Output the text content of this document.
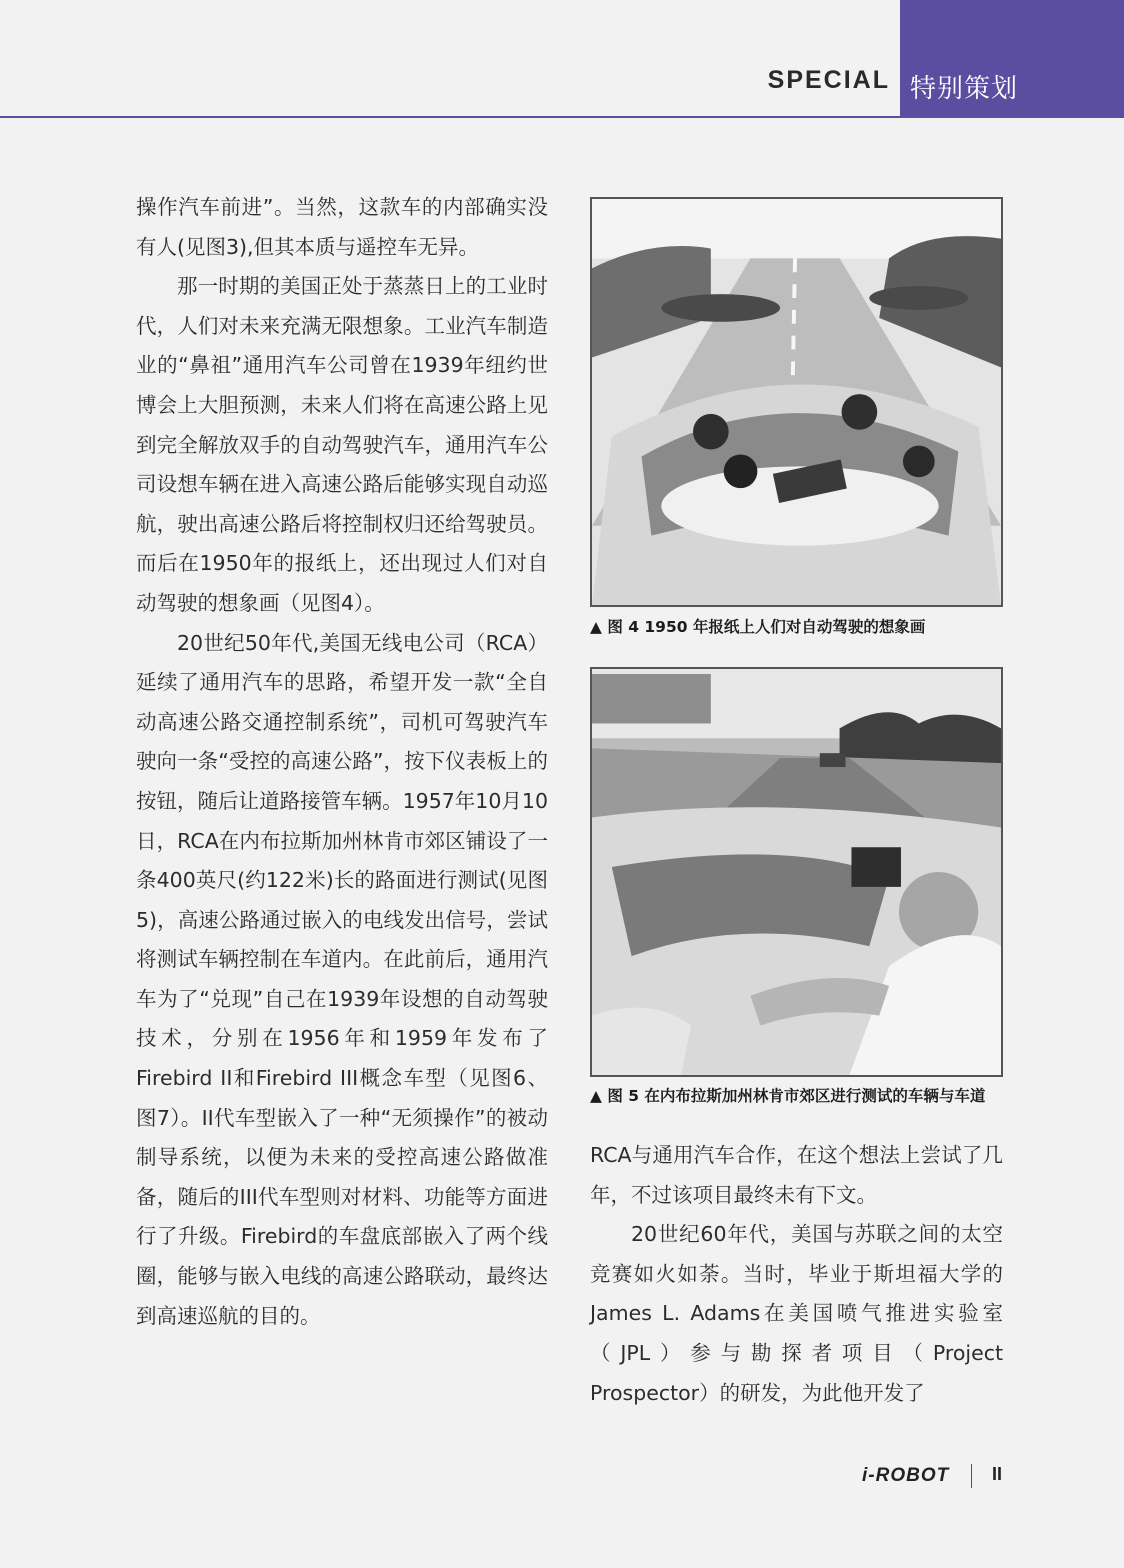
SPECIAL 特别策划

操作汽车前进”。当然，这款车的内部确实没有人(见图3),但其本质与遥控车无异。

那一时期的美国正处于蒸蒸日上的工业时代，人们对未来充满无限想象。工业汽车制造业的“鼻祖”通用汽车公司曾在1939年纽约世博会上大胆预测，未来人们将在高速公路上见到完全解放双手的自动驾驶汽车，通用汽车公司设想车辆在进入高速公路后能够实现自动巡航，驶出高速公路后将控制权归还给驾驶员。而后在1950年的报纸上，还出现过人们对自动驾驶的想象画（见图4）。

20世纪50年代,美国无线电公司（RCA）延续了通用汽车的思路，希望开发一款“全自动高速公路交通控制系统”，司机可驾驶汽车驶向一条“受控的高速公路”，按下仪表板上的按钮，随后让道路接管车辆。1957年10月10日，RCA在内布拉斯加州林肯市郊区铺设了一条400英尺(约122米)长的路面进行测试(见图5)，高速公路通过嵌入的电线发出信号，尝试将测试车辆控制在车道内。在此前后，通用汽车为了“兑现”自己在1939年设想的自动驾驶技术，分别在1956年和1959年发布了Firebird II和Firebird III概念车型（见图6、图7）。II代车型嵌入了一种“无须操作”的被动制导系统，以便为未来的受控高速公路做准备，随后的III代车型则对材料、功能等方面进行了升级。Firebird的车盘底部嵌入了两个线圈，能够与嵌入电线的高速公路联动，最终达到高速巡航的目的。

▲ 图 4 1950 年报纸上人们对自动驾驶的想象画
▲ 图 5 在内布拉斯加州林肯市郊区进行测试的车辆与车道

RCA与通用汽车合作，在这个想法上尝试了几年，不过该项目最终未有下文。

20世纪60年代，美国与苏联之间的太空竞赛如火如荼。当时，毕业于斯坦福大学的James L. Adams在美国喷气推进实验室（JPL）参与勘探者项目（Project Prospector）的研发，为此他开发了

i-ROBOT II
